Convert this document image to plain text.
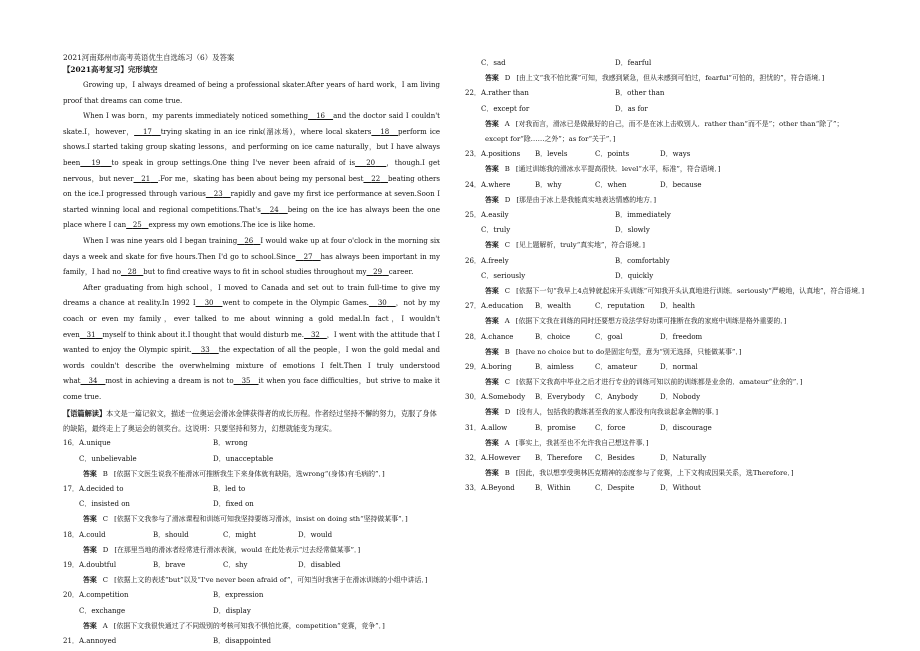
2021河南郑州市高考英语优生自选练习（6）及答案
【2021高考复习】完形填空

Growing up，I always dreamed of being a professional skater.After years of hard work，I am living proof that dreams can come true.

When I was born，my parents immediately noticed something 16 and the doctor said I couldn't skate.I，however， 17 trying skating in an ice rink(溜冰场)，where local skaters 18 perform ice shows.I started taking group skating lessons，and performing on ice came naturally，but I have always been 19 to speak in group settings.One thing I've never been afraid of is 20 ，though.I get nervous，but never 21 .For me，skating has been about being my personal best 22 beating others on the ice.I progressed through various 23 rapidly and gave my first ice performance at seven.Soon I started winning local and regional competitions.That's 24 being on the ice has always been the one place where I can 25 express my own emotions.The ice is like home.

When I was nine years old I began training 26 I would wake up at four o'clock in the morning six days a week and skate for five hours.Then I'd go to school.Since 27 has always been important in my family，I had no 28 but to find creative ways to fit in school studies throughout my 29 career.

After graduating from high school，I moved to Canada and set out to train full-time to give my dreams a chance at reality.In 1992 I 30 went to compete in the Olympic Games. 30 ，not by my coach or even my family，ever talked to me about winning a gold medal.In fact，I wouldn't even 31 myself to think about it.I thought that would disturb me. 32 ，I went with the attitude that I wanted to enjoy the Olympic spirit. 33 the expectation of all the people，I won the gold medal and words couldn't describe the overwhelming mixture of emotions I felt.Then I truly understood what 34 most in achieving a dream is not to 35 it when you face difficulties，but strive to make it come true.

【语篇解读】本文是一篇记叙文，描述一位奥运会滑冰金牌获得者的成长历程。作者经过坚持不懈的努力，克服了身体的缺陷，最终走上了奥运会的领奖台。这说明：只要坚持和努力，幻想就能变为现实。
16． A.unique	B．wrong
C．unbelievable	D．unacceptable
答案 B [依据下文医生说我不能滑冰可推断我生下来身体就有缺陷，选wrong“(身体)有毛病的”．]
17． A.decided to	B．led to
C．insisted on	D．fixed on
答案 C [依据下文我参与了滑冰课程和训练可知我坚持要练习滑冰，insist on doing sth“坚持做某事”．]
18． A.could	B．should	C．might	D．would
答案 D [在那里当地的滑冰者经常进行滑冰表演，would 在此处表示“过去经常做某事”．]
19． A.doubtful	B．brave	C．shy	D．disabled
答案 C [依据上文的表述“but”以及“I've never been afraid of”，可知当时我害于在滑冰训练的小组中讲话．]
20． A.competition	B．expression
C．exchange	D．display
答案 A [依据下文我很快通过了不同级别的考核可知我不惧怕比赛，competition“竞赛，竞争”．]
21． A.annoyed	B．disappointed
C．sad	D．fearful
答案 D [由上文“我不怕比赛”可知，我感到紧急，但从未感到可怕过，fearful“可怕的，担忧的”，符合语境．]
22． A.rather than	B．other than
C．except for	D．as for
答案 A [对我而言，滑冰已是做最好的自己，而不是在冰上击败别人．rather than“而不是”；other than“除了”；except for“除……之外”；as for“关于”．]
23． A.positions B．levels	C．points	D．ways
答案 B [通过训练我的滑冰水平提高很快．level“水平，标准”，符合语境．]
24． A.where	B．why	C．when	D．because
答案 D [那是由于冰上是我能真实地表达情感的地方．]
25． A.easily	B．immediately
C．truly	D．slowly
答案 C [见上题解析，truly“真实地”，符合语境．]
26． A.freely	B．comfortably
C．seriously	D．quickly
答案 C [依据下一句“我早上4点钟就起床开头训练”可知我开头认真地进行训练．seriously“严峻地，认真地”，符合语境．]
27． A.education B．wealth	C．reputation D．health
答案 A [依据下文我在训练的同时还要想方设法学好功课可推断在我的家庭中训练是格外重要的．]
28． A.chance	B．choice	C．goal	D．freedom
答案 B [have no choice but to do是固定句型，意为“别无选择，只能做某事”．]
29． A.boring	B．aimless	C．amateur	D．normal
答案 C [依据下文我高中毕业之后才进行专业的训练可知以前的训练都是业余的．amateur“业余的”．]
30． A.Somebody B．Everybody C．Anybody	D．Nobody
答案 D [没有人，包括我的教练甚至我的家人都没有向我谈起拿金牌的事．]
31． A.allow	B．promise	C．force	D．discourage
答案 A [事实上，我甚至也不允许我自己想这件事．]
32． A.However B．Therefore C．Besides	D．Naturally
答案 B [因此，我以想享受奥林匹克精神的态度参与了竞赛，上下文构成因果关系，选Therefore．]
33． A.Beyond	B．Within	C．Despite	D．Without
